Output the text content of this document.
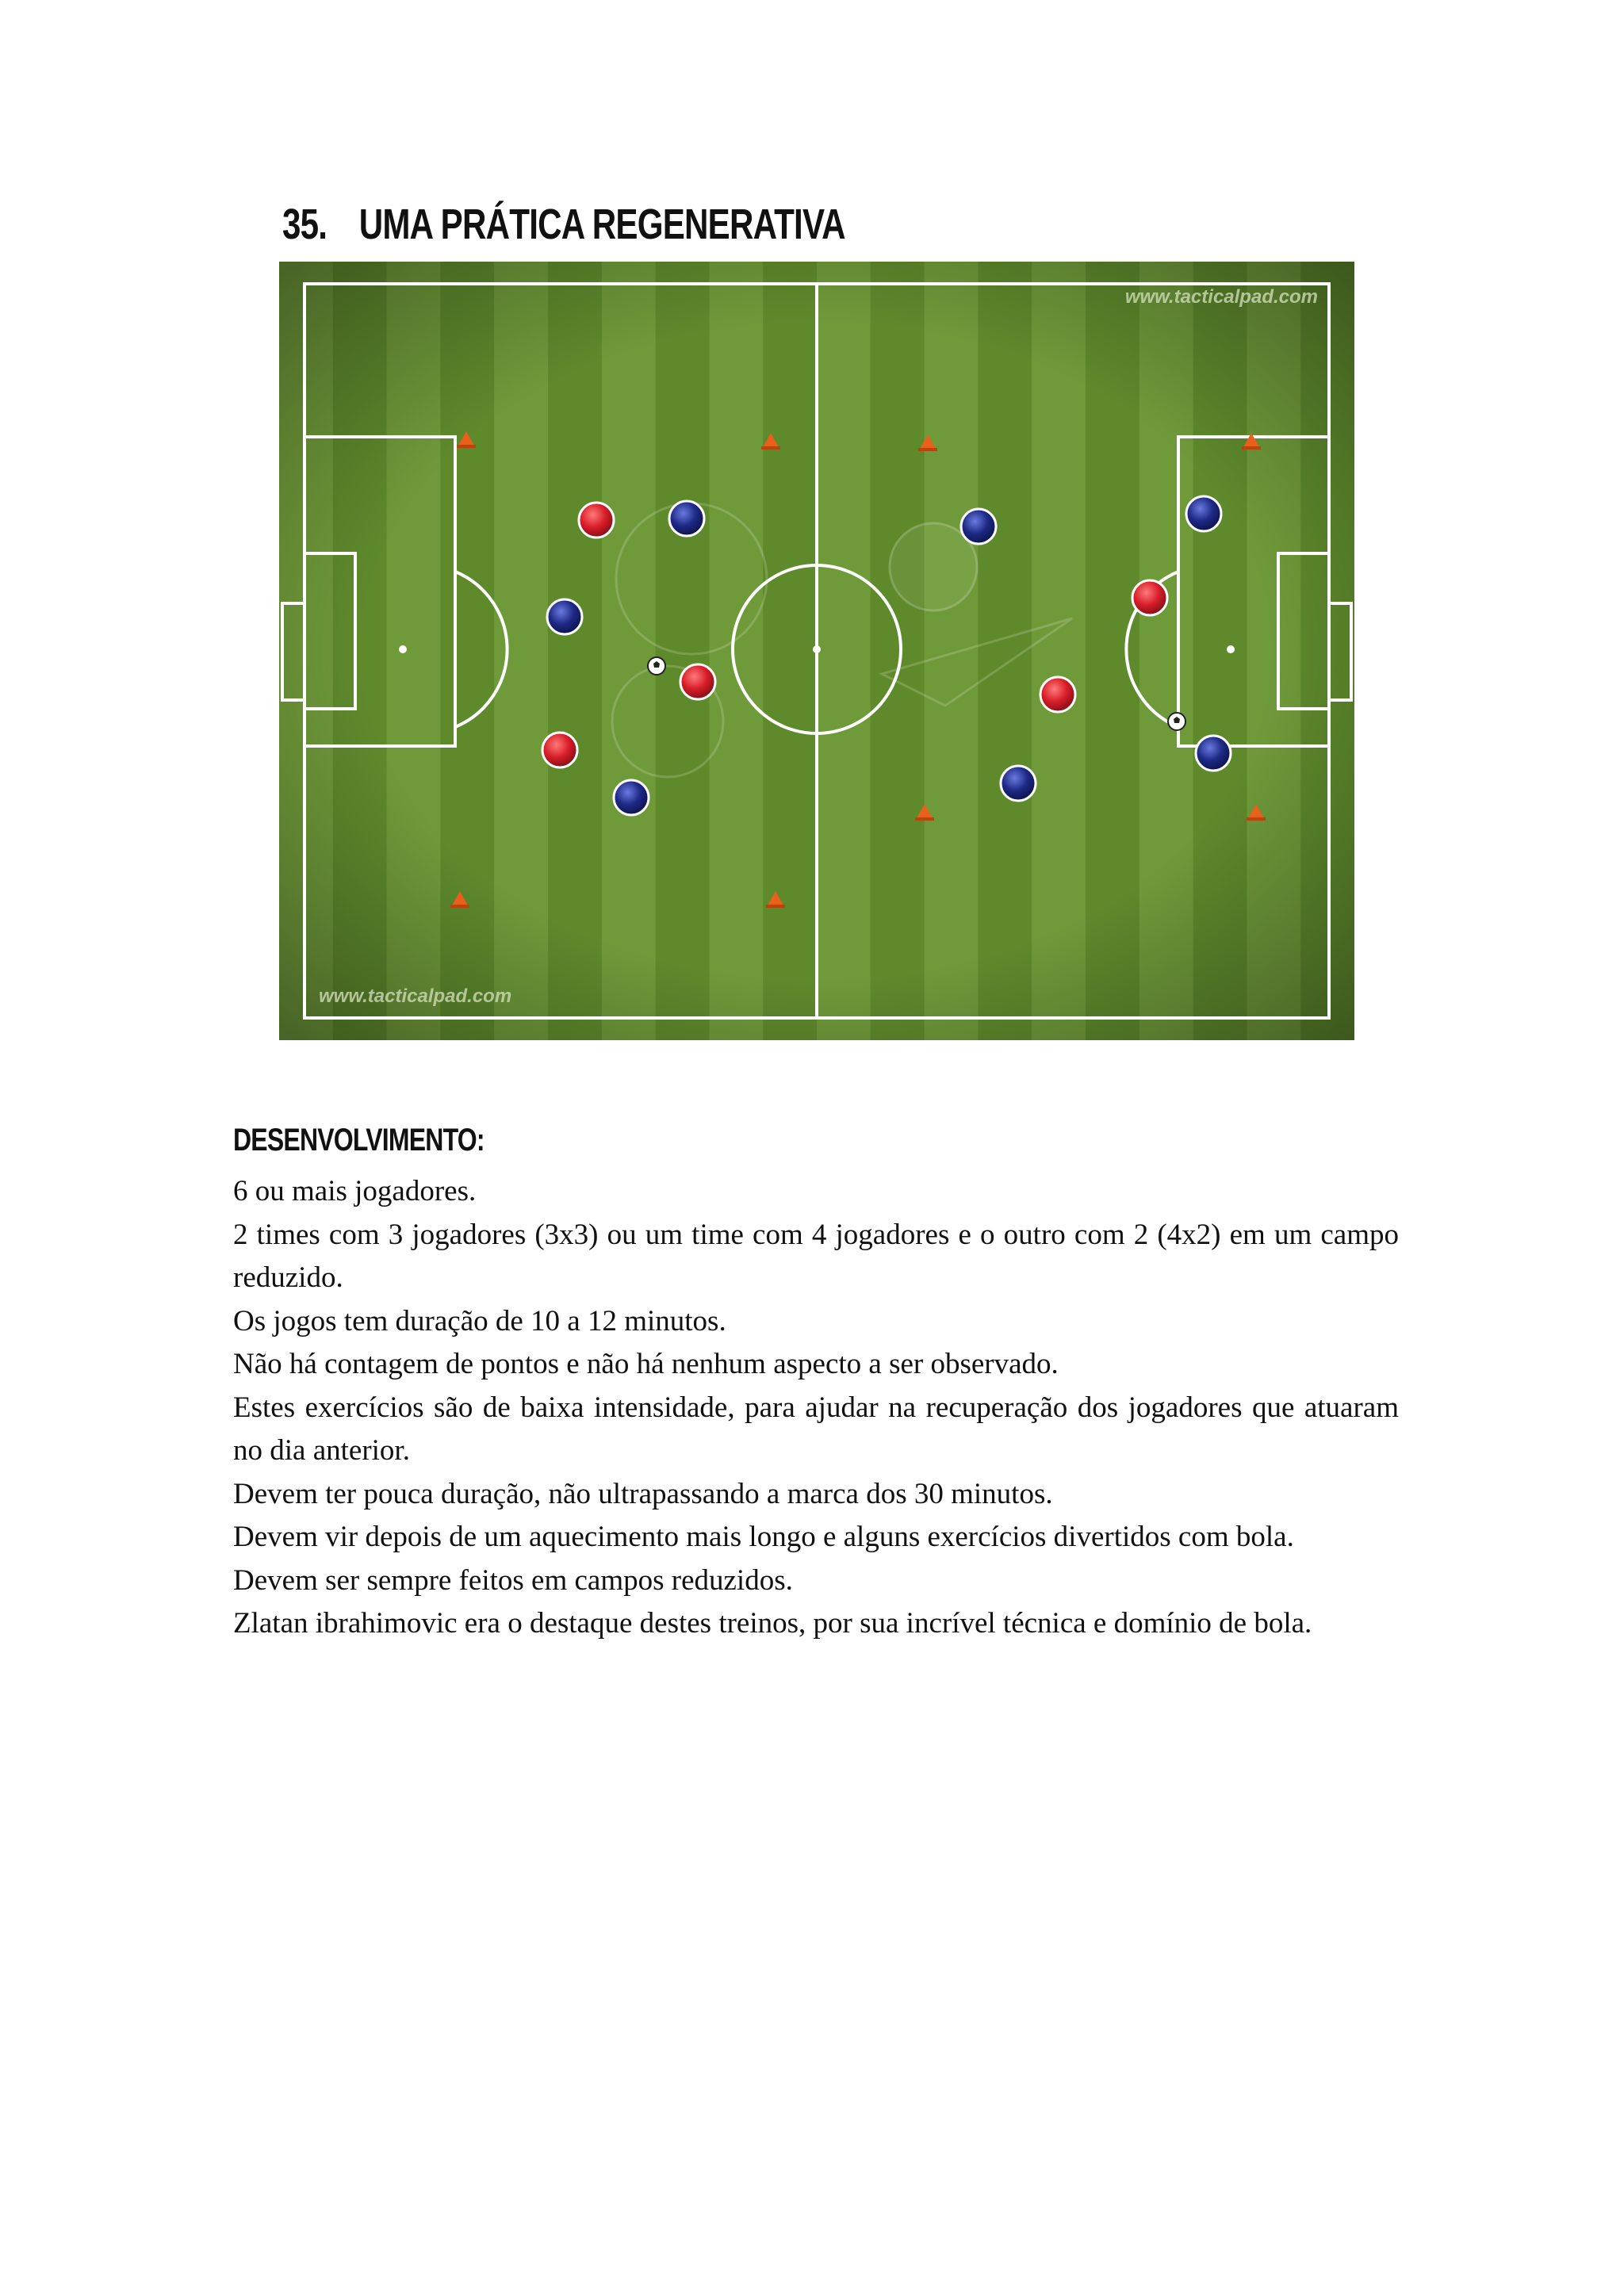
35. UMA PRÁTICA REGENERATIVA
www.tacticalpad.com
www.tacticalpad.com
DESENVOLVIMENTO:

6 ou mais jogadores.

2 times com 3 jogadores (3x3) ou um time com 4 jogadores e o outro com 2 (4x2) em um campo reduzido.

Os jogos tem duração de 10 a 12 minutos.

Não há contagem de pontos e não há nenhum aspecto a ser observado.

Estes exercícios são de baixa intensidade, para ajudar na recuperação dos jogadores que atuaram no dia anterior.

Devem ter pouca duração, não ultrapassando a marca dos 30 minutos.

Devem vir depois de um aquecimento mais longo e alguns exercícios divertidos com bola.

Devem ser sempre feitos em campos reduzidos.

Zlatan ibrahimovic era o destaque destes treinos, por sua incrível técnica e domínio de bola.
